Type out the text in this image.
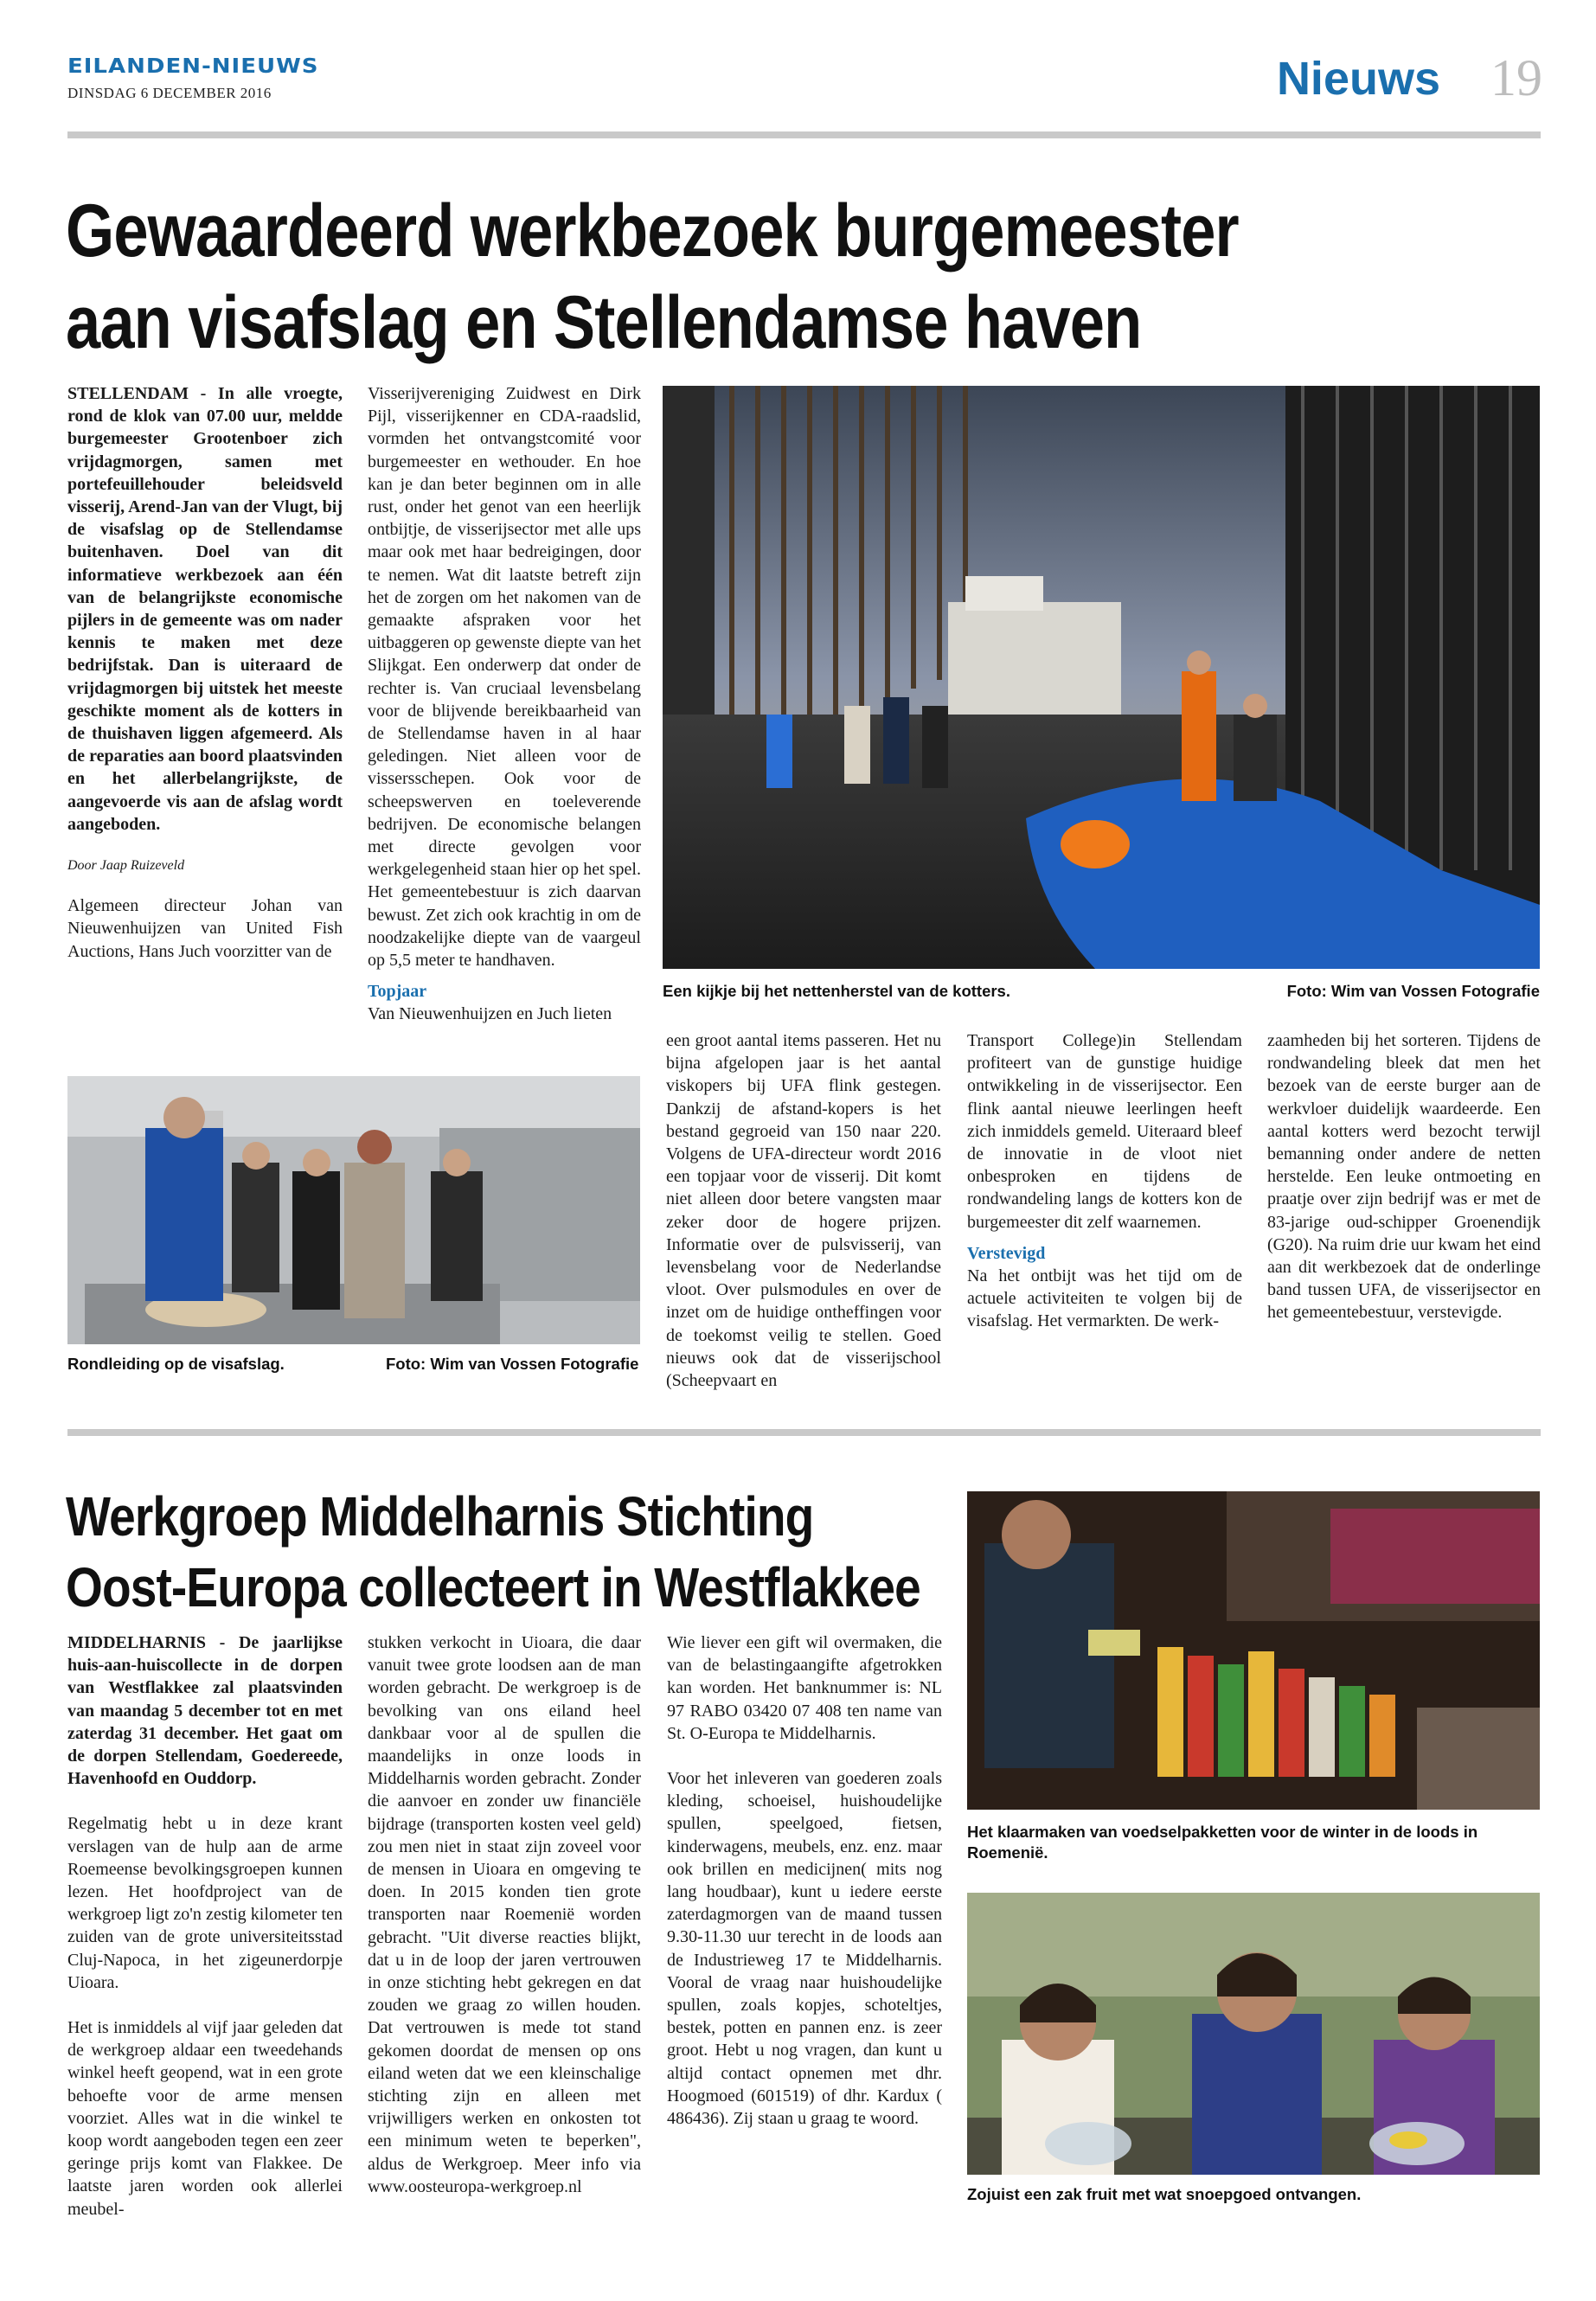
EILANDEN-NIEUWS
DINSDAG 6 DECEMBER 2016	Nieuws 19
Gewaardeerd werkbezoek burgemeester
aan visafslag en Stellendamse haven

STELLENDAM - In alle vroegte, rond de klok van 07.00 uur, meldde burgemeester Grootenboer zich vrijdagmorgen, samen met portefeuillehouder beleidsveld visserij, Arend-Jan van der Vlugt, bij de visafslag op de Stellendamse buitenhaven. Doel van dit informatieve werkbezoek aan één van de belangrijkste economische pijlers in de gemeente was om nader kennis te maken met deze bedrijfstak. Dan is uiteraard de vrijdagmorgen bij uitstek het meeste geschikte moment als de kotters in de thuishaven liggen afgemeerd. Als de reparaties aan boord plaatsvinden en het allerbelangrijkste, de aangevoerde vis aan de afslag wordt aangeboden.

Door Jaap Ruizeveld

Algemeen directeur Johan van Nieuwenhuijzen van United Fish Auctions, Hans Juch voorzitter van de

Visserijvereniging Zuidwest en Dirk Pijl, visserijkenner en CDA-raadslid, vormden het ontvangstcomité voor burgemeester en wethouder. En hoe kan je dan beter beginnen om in alle rust, onder het genot van een heerlijk ontbijtje, de visserijsector met alle ups maar ook met haar bedreigingen, door te nemen. Wat dit laatste betreft zijn het de zorgen om het nakomen van de gemaakte afspraken voor het uitbaggeren op gewenste diepte van het Slijkgat. Een onderwerp dat onder de rechter is. Van cruciaal levensbelang voor de blijvende bereikbaarheid van de Stellendamse haven in al haar geledingen. Niet alleen voor de vissersschepen. Ook voor de scheepswerven en toeleverende bedrijven. De economische belangen met directe gevolgen voor werkgelegenheid staan hier op het spel. Het gemeentebestuur is zich daarvan bewust. Zet zich ook krachtig in om de noodzakelijke diepte van de vaargeul op 5,5 meter te handhaven.

Topjaar

Van Nieuwenhuijzen en Juch lieten

Een kijkje bij het nettenherstel van de kotters.	Foto: Wim van Vossen Fotografie
Rondleiding op de visafslag.	Foto: Wim van Vossen Fotografie

een groot aantal items passeren. Het nu bijna afgelopen jaar is het aantal viskopers bij UFA flink gestegen. Dankzij de afstand-kopers is het bestand gegroeid van 150 naar 220. Volgens de UFA-directeur wordt 2016 een topjaar voor de visserij. Dit komt niet alleen door betere vangsten maar zeker door de hogere prijzen. Informatie over de pulsvisserij, van levensbelang voor de Nederlandse vloot. Over pulsmodules en over de inzet om de huidige ontheffingen voor de toekomst veilig te stellen. Goed nieuws ook dat de visserijschool (Scheepvaart en

Transport College)in Stellendam profiteert van de gunstige huidige ontwikkeling in de visserijsector. Een flink aantal nieuwe leerlingen heeft zich inmiddels gemeld. Uiteraard bleef de innovatie in de vloot niet onbesproken en tijdens de rondwandeling langs de kotters kon de burgemeester dit zelf waarnemen.

Verstevigd

Na het ontbijt was het tijd om de actuele activiteiten te volgen bij de visafslag. Het vermarkten. De werk-

zaamheden bij het sorteren. Tijdens de rondwandeling bleek dat men het bezoek van de eerste burger aan de werkvloer duidelijk waardeerde. Een aantal kotters werd bezocht terwijl bemanning onder andere de netten herstelde. Een leuke ontmoeting en praatje over zijn bedrijf was er met de 83-jarige oud-schipper Groenendijk (G20). Na ruim drie uur kwam het eind aan dit werkbezoek dat de onderlinge band tussen UFA, de visserijsector en het gemeentebestuur, verstevigde.

Werkgroep Middelharnis Stichting
Oost-Europa collecteert in Westflakkee

MIDDELHARNIS - De jaarlijkse huis-aan-huiscollecte in de dorpen van Westflakkee zal plaatsvinden van maandag 5 december tot en met zaterdag 31 december. Het gaat om de dorpen Stellendam, Goedereede, Havenhoofd en Ouddorp.

Regelmatig hebt u in deze krant verslagen van de hulp aan de arme Roemeense bevolkingsgroepen kunnen lezen. Het hoofdproject van de werkgroep ligt zo'n zestig kilometer ten zuiden van de grote universiteitsstad Cluj-Napoca, in het zigeunerdorpje Uioara.

Het is inmiddels al vijf jaar geleden dat de werkgroep aldaar een tweedehands winkel heeft geopend, wat in een grote behoefte voor de arme mensen voorziet. Alles wat in die winkel te koop wordt aangeboden tegen een zeer geringe prijs komt van Flakkee. De laatste jaren worden ook allerlei meubel-

stukken verkocht in Uioara, die daar vanuit twee grote loodsen aan de man worden gebracht. De werkgroep is de bevolking van ons eiland heel dankbaar voor al de spullen die maandelijks in onze loods in Middelharnis worden gebracht. Zonder die aanvoer en zonder uw financiële bijdrage (transporten kosten veel geld) zou men niet in staat zijn zoveel voor de mensen in Uioara en omgeving te doen. In 2015 konden tien grote transporten naar Roemenië worden gebracht. "Uit diverse reacties blijkt, dat u in de loop der jaren vertrouwen in onze stichting hebt gekregen en dat zouden we graag zo willen houden. Dat vertrouwen is mede tot stand gekomen doordat de mensen op ons eiland weten dat we een kleinschalige stichting zijn en alleen met vrijwilligers werken en onkosten tot een minimum weten te beperken", aldus de Werkgroep. Meer info via www.oosteuropa-werkgroep.nl

Wie liever een gift wil overmaken, die van de belastingaangifte afgetrokken kan worden. Het banknummer is: NL 97 RABO 03420 07 408 ten name van St. O-Europa te Middelharnis.

Voor het inleveren van goederen zoals kleding, schoeisel, huishoudelijke spullen, speelgoed, fietsen, kinderwagens, meubels, enz. enz. maar ook brillen en medicijnen( mits nog lang houdbaar), kunt u iedere eerste zaterdagmorgen van de maand tussen 9.30-11.30 uur terecht in de loods aan de Industrieweg 17 te Middelharnis. Vooral de vraag naar huishoudelijke spullen, zoals kopjes, schoteltjes, bestek, potten en pannen enz. is zeer groot. Hebt u nog vragen, dan kunt u altijd contact opnemen met dhr. Hoogmoed (601519) of dhr. Kardux ( 486436). Zij staan u graag te woord.

Het klaarmaken van voedselpakketten voor de winter in de loods in Roemenië.
Zojuist een zak fruit met wat snoepgoed ontvangen.
